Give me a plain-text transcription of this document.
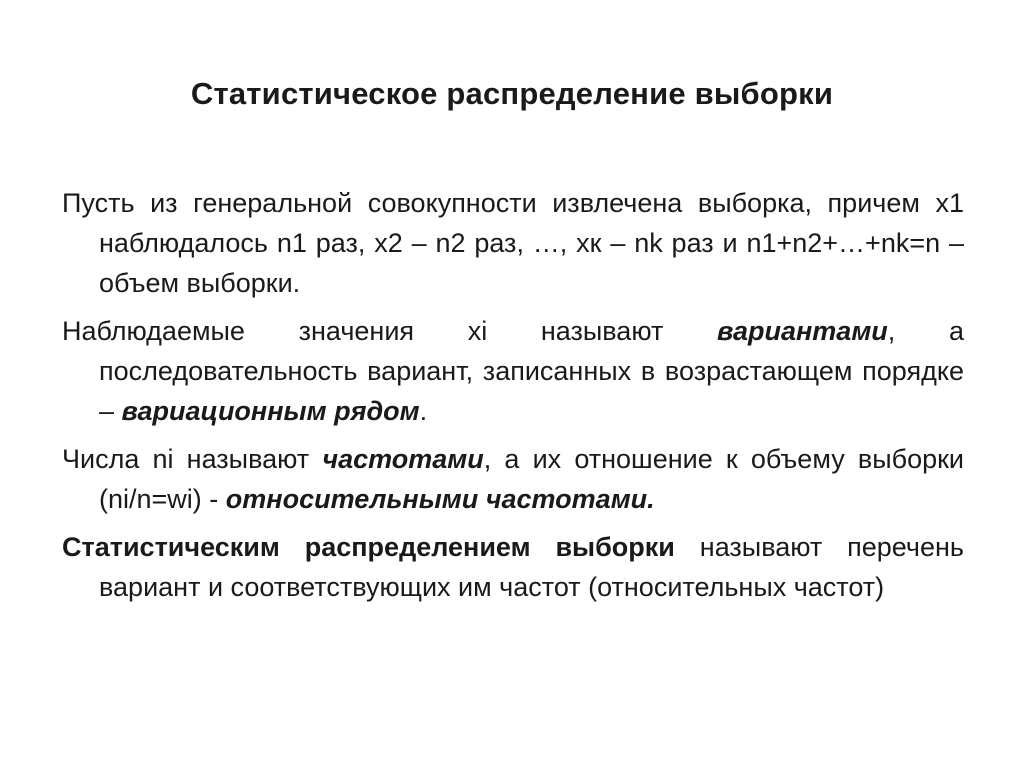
Статистическое распределение выборки

Пусть из генеральной совокупности извлечена выборка, причем x1 наблюдалось n1 раз, x2 – n2 раз, …, xк – nk раз и n1+n2+…+nk=n – объем выборки.

Наблюдаемые значения xi называют вариантами, а последовательность вариант, записанных в возрастающем порядке – вариационным рядом.

Числа ni называют частотами, а их отношение к объему выборки (ni/n=wi) - относительными частотами.

Статистическим распределением выборки называют перечень вариант и соответствующих им частот (относительных частот)
